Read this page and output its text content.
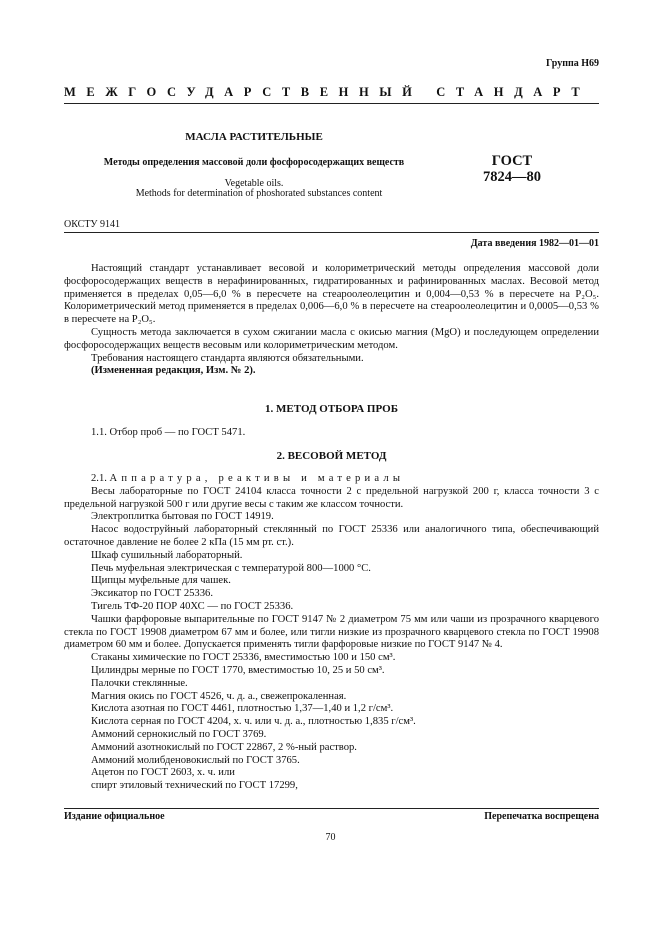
Группа Н69
МЕЖГОСУДАРСТВЕННЫЙ СТАНДАРТ
МАСЛА РАСТИТЕЛЬНЫЕ
Методы определения массовой доли фосфоросодержащих веществ
Vegetable oils.
Methods for determination of phoshorated substances content
ГОСТ
7824—80
ОКСТУ 9141
Дата введения 1982—01—01

Настоящий стандарт устанавливает весовой и колориметрический методы определения массовой доли фосфоросодержащих веществ в нерафинированных, гидратированных и рафинированных маслах. Весовой метод применяется в пределах 0,05—6,0 % в пересчете на стеароолеолецитин и 0,004—0,53 % в пересчете на P₂O₅. Колориметрический метод применяется в пределах 0,006—6,0 % в пересчете на стеароолеолецитин и 0,0005—0,53 % в пересчете на P₂O₅.

Сущность метода заключается в сухом сжигании масла с окисью магния (MgO) и последующем определении фосфоросодержащих веществ весовым или колориметрическим методом.

Требования настоящего стандарта являются обязательными.

(Измененная редакция, Изм. № 2).

1. МЕТОД ОТБОРА ПРОБ

1.1. Отбор проб — по ГОСТ 5471.

2. ВЕСОВОЙ МЕТОД

2.1. Аппаратура, реактивы и материалы

Весы лабораторные по ГОСТ 24104 класса точности 2 с предельной нагрузкой 200 г, класса точности 3 с предельной нагрузкой 500 г или другие весы с таким же классом точности.

Электроплитка бытовая по ГОСТ 14919.

Насос водоструйный лабораторный стеклянный по ГОСТ 25336 или аналогичного типа, обеспечивающий остаточное давление не более 2 кПа (15 мм рт. ст.).

Шкаф сушильный лабораторный.

Печь муфельная электрическая с температурой 800—1000 °С.

Щипцы муфельные для чашек.

Эксикатор по ГОСТ 25336.

Тигель ТФ-20 ПОР 40ХС — по ГОСТ 25336.

Чашки фарфоровые выпарительные по ГОСТ 9147 № 2 диаметром 75 мм или чаши из прозрачного кварцевого стекла по ГОСТ 19908 диаметром 67 мм и более, или тигли низкие из прозрачного кварцевого стекла по ГОСТ 19908 диаметром 60 мм и более. Допускается применять тигли фарфоровые низкие по ГОСТ 9147 № 4.

Стаканы химические по ГОСТ 25336, вместимостью 100 и 150 см³.

Цилиндры мерные по ГОСТ 1770, вместимостью 10, 25 и 50 см³.

Палочки стеклянные.

Магния окись по ГОСТ 4526, ч. д. а., свежепрокаленная.

Кислота азотная по ГОСТ 4461, плотностью 1,37—1,40 и 1,2 г/см³.

Кислота серная по ГОСТ 4204, х. ч. или ч. д. а., плотностью 1,835 г/см³.

Аммоний сернокислый по ГОСТ 3769.

Аммоний азотнокислый по ГОСТ 22867, 2 %-ный раствор.

Аммоний молибденовокислый по ГОСТ 3765.

Ацетон по ГОСТ 2603, х. ч. или

спирт этиловый технический по ГОСТ 17299,

Издание официальное	Перепечатка воспрещена
70
